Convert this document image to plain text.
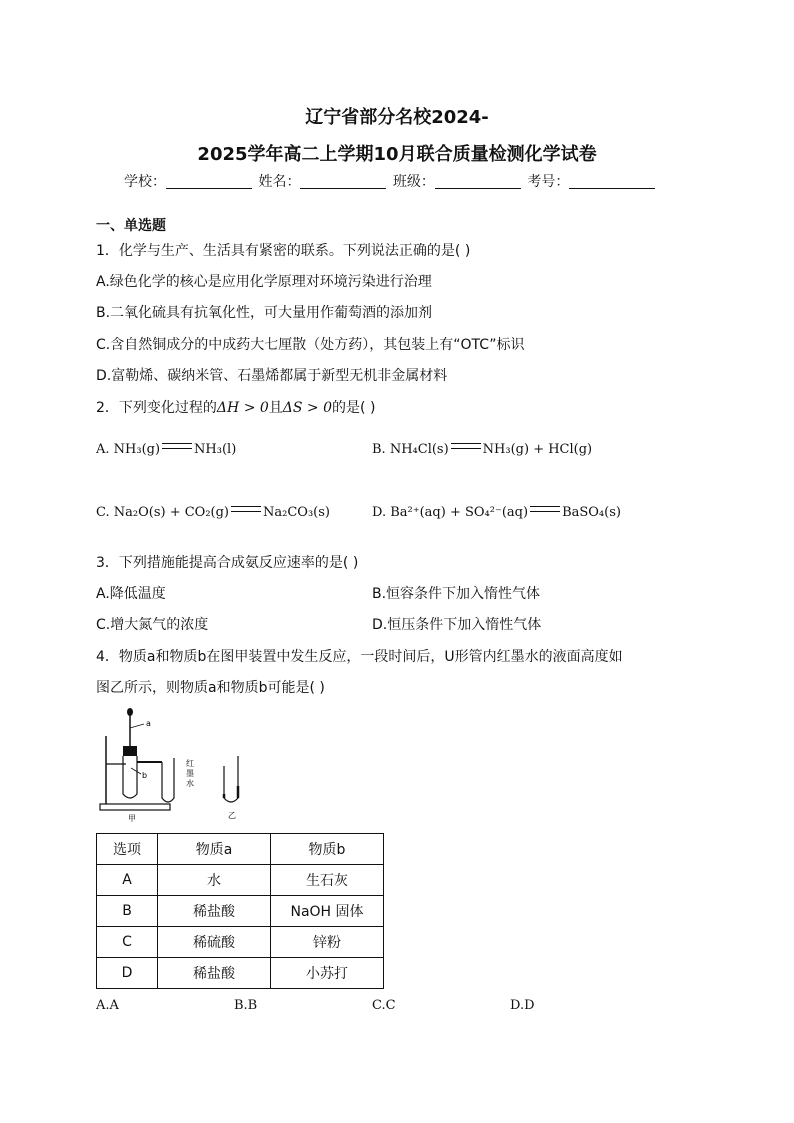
辽宁省部分名校2024-
2025学年高二上学期10月联合质量检测化学试卷
学校：	姓名：	班级：	考号：
一、单选题
1．化学与生产、生活具有紧密的联系。下列说法正确的是( )
A.绿色化学的核心是应用化学原理对环境污染进行治理
B.二氧化硫具有抗氧化性，可大量用作葡萄酒的添加剂
C.含自然铜成分的中成药大七厘散（处方药），其包装上有“OTC”标识
D.富勒烯、碳纳米管、石墨烯都属于新型无机非金属材料
2．下列变化过程的ΔH > 0且ΔS > 0的是( )
A. NH₃(g)	NH₃(l)	B. NH₄Cl(s)	NH₃(g) + HCl(g)
C. Na₂O(s) + CO₂(g)	Na₂CO₃(s)	D. Ba²⁺(aq) + SO₄²⁻(aq)	BaSO₄(s)
3．下列措施能提高合成氨反应速率的是( )
A.降低温度	B.恒容条件下加入惰性气体
C.增大氮气的浓度	D.恒压条件下加入惰性气体
4．物质a和物质b在图甲装置中发生反应，一段时间后，U形管内红墨水的液面高度如
图乙所示，则物质a和物质b可能是( )
a
b
红
墨
水
甲	乙
选项	物质a	物质b
A	水	生石灰
B	稀盐酸	NaOH 固体
C	稀硫酸	锌粉
D	稀盐酸	小苏打
A.A	B.B	C.C	D.D
